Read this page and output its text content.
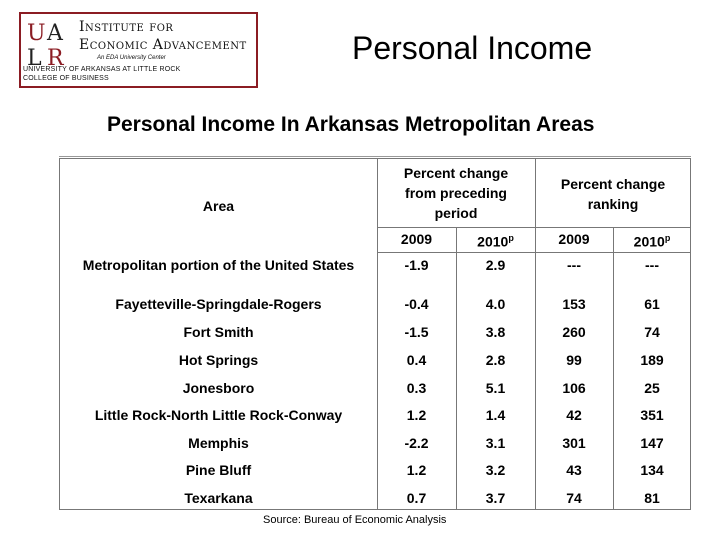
U A
L R
Institute for
Economic Advancement
An EDA University Center
UNIVERSITY OF ARKANSAS AT LITTLE ROCK
COLLEGE OF BUSINESS
Personal Income
Personal Income In Arkansas Metropolitan Areas
Area
Percent change from preceding period
Percent change ranking
2009	2010$^p$	2009	2010$^p$
Metropolitan portion of the United States	-1.9	2.9	---	---
Fayetteville-Springdale-Rogers	-0.4	4.0	153	61
Fort Smith	-1.5	3.8	260	74
Hot Springs	0.4	2.8	99	189
Jonesboro	0.3	5.1	106	25
Little Rock-North Little Rock-Conway	1.2	1.4	42	351
Memphis	-2.2	3.1	301	147
Pine Bluff	1.2	3.2	43	134
Texarkana	0.7	3.7	74	81
Source: Bureau of Economic Analysis
